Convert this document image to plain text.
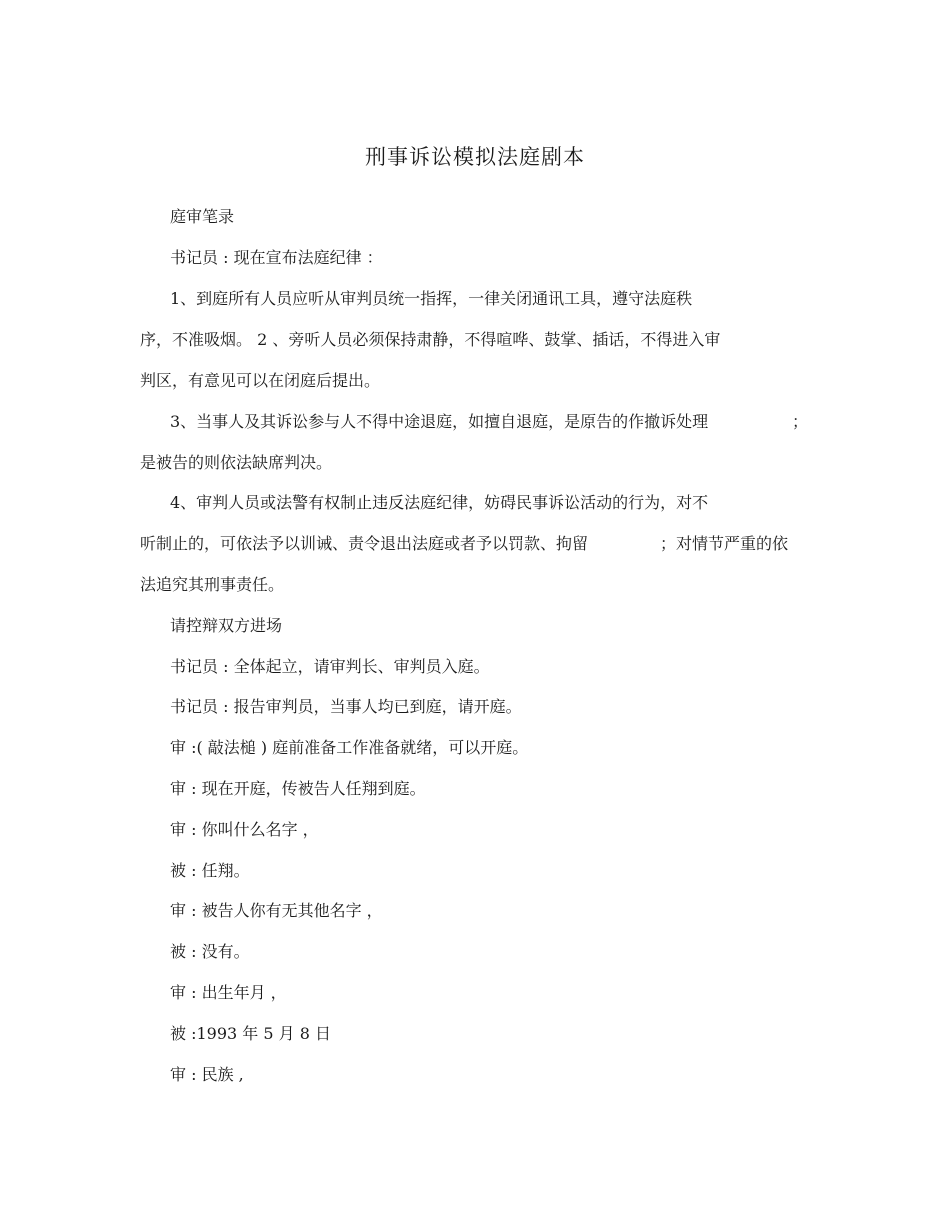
刑事诉讼模拟法庭剧本
庭审笔录
书记员 : 现在宣布法庭纪律 ：
1、到庭所有人员应听从审判员统一指挥，一律关闭通讯工具，遵守法庭秩
序，不准吸烟。 2 、旁听人员必须保持肃静，不得喧哗、鼓掌、插话，不得进入审
判区，有意见可以在闭庭后提出。
3、当事人及其诉讼参与人不得中途退庭，如擅自退庭，是原告的作撤诉处理	；
是被告的则依法缺席判决。
4、审判人员或法警有权制止违反法庭纪律，妨碍民事诉讼活动的行为，对不
听制止的，可依法予以训诫、责令退出法庭或者予以罚款、拘留	；对情节严重的依
法追究其刑事责任。
请控辩双方进场
书记员 : 全体起立，请审判长、审判员入庭。
书记员 : 报告审判员，当事人均已到庭，请开庭。
审 :( 敲法槌 ) 庭前准备工作准备就绪，可以开庭。
审 : 现在开庭，传被告人任翔到庭。
审 : 你叫什么名字 ，
被 : 任翔。
审 : 被告人你有无其他名字 ，
被 : 没有。
审 : 出生年月 ，
被 :1993 年 5 月 8 日
审 : 民族 ,
